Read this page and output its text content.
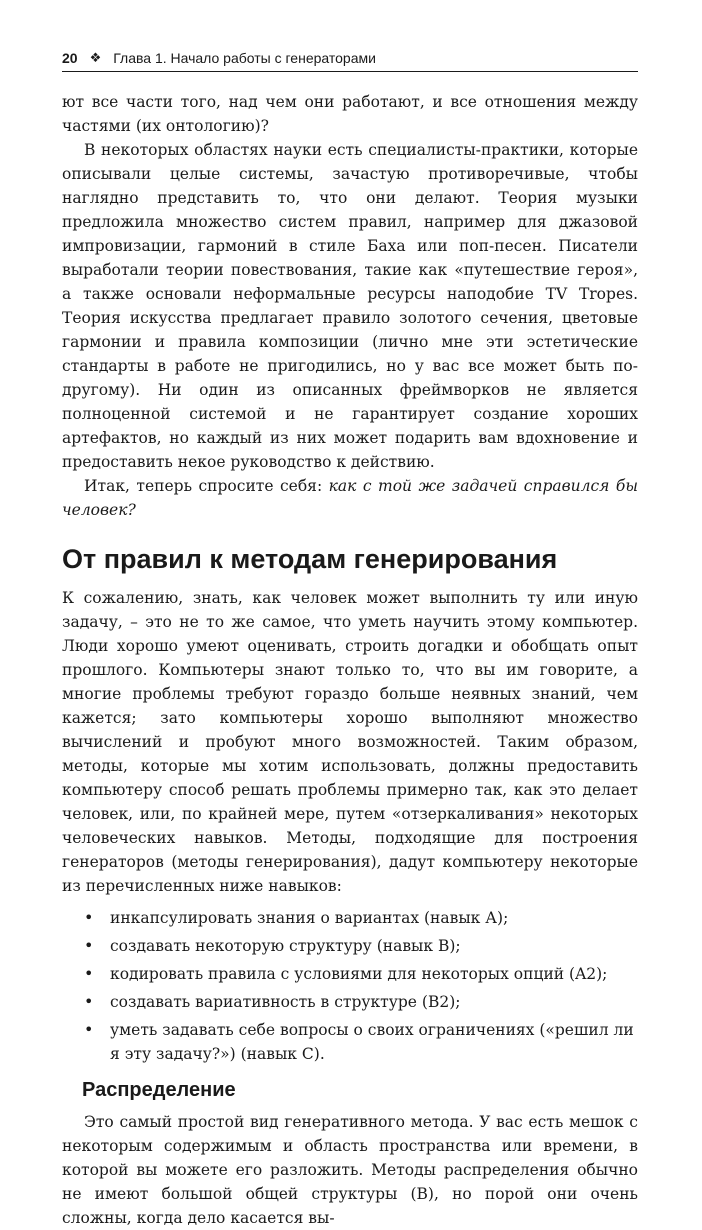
20 ❖ Глава 1. Начало работы с генераторами

ют все части того, над чем они работают, и все отношения между частями (их онтологию)?

В некоторых областях науки есть специалисты-практики, которые описывали целые системы, зачастую противоречивые, чтобы наглядно представить то, что они делают. Теория музыки предложила множество систем правил, например для джазовой импровизации, гармоний в стиле Баха или поп-песен. Писатели выработали теории повествования, такие как «путешествие героя», а также основали неформальные ресурсы наподобие TV Tropes. Теория искусства предлагает правило золотого сечения, цветовые гармонии и правила композиции (лично мне эти эстетические стандарты в работе не пригодились, но у вас все может быть по-другому). Ни один из описанных фреймворков не является полноценной системой и не гарантирует создание хороших артефактов, но каждый из них может подарить вам вдохновение и предоставить некое руководство к действию.

Итак, теперь спросите себя: как с той же задачей справился бы человек?

От правил к методам генерирования

К сожалению, знать, как человек может выполнить ту или иную задачу, – это не то же самое, что уметь научить этому компьютер. Люди хорошо умеют оценивать, строить догадки и обобщать опыт прошлого. Компьютеры знают только то, что вы им говорите, а многие проблемы требуют гораздо больше неявных знаний, чем кажется; зато компьютеры хорошо выполняют множество вычислений и пробуют много возможностей. Таким образом, методы, которые мы хотим использовать, должны предоставить компьютеру способ решать проблемы примерно так, как это делает человек, или, по крайней мере, путем «отзеркаливания» некоторых человеческих навыков. Методы, подходящие для построения генераторов (методы генерирования), дадут компьютеру некоторые из перечисленных ниже навыков:

• инкапсулировать знания о вариантах (навык А);
• создавать некоторую структуру (навык B);
• кодировать правила с условиями для некоторых опций (A2);
• создавать вариативность в структуре (B2);
• уметь задавать себе вопросы о своих ограничениях («решил ли я эту задачу?») (навык С).
Распределение

Это самый простой вид генеративного метода. У вас есть мешок с некоторым содержимым и область пространства или времени, в которой вы можете его разложить. Методы распределения обычно не имеют большой общей структуры (B), но порой они очень сложны, когда дело касается вы-
